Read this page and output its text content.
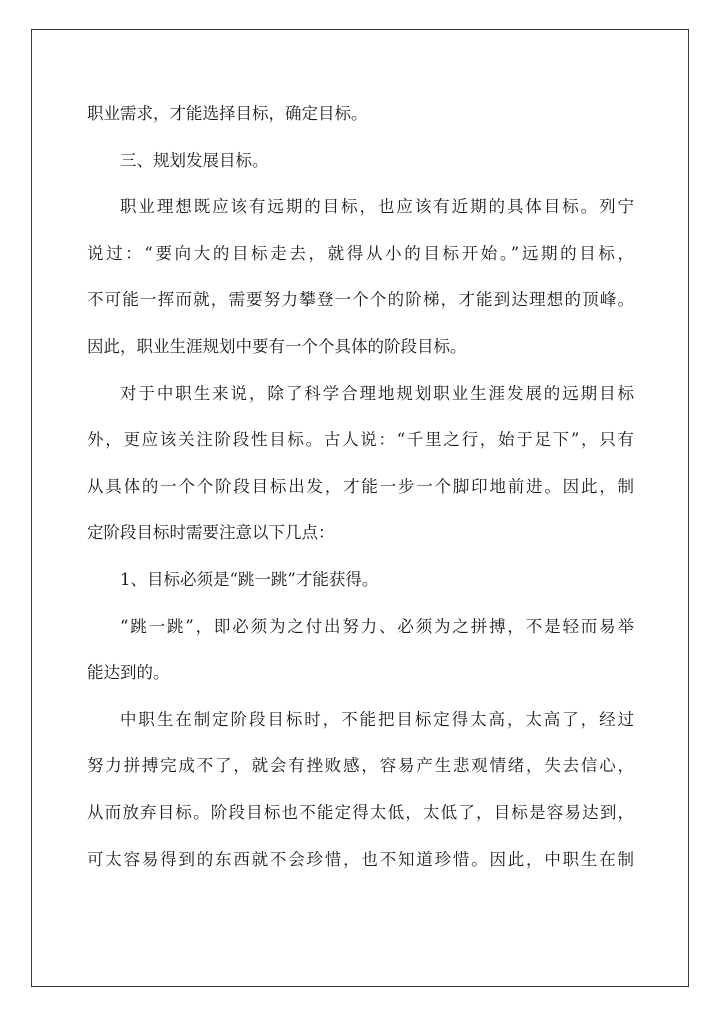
职业需求，才能选择目标，确定目标。
三、规划发展目标。
职业理想既应该有远期的目标，也应该有近期的具体目标。列宁
说过：“要向大的目标走去，就得从小的目标开始。”远期的目标，
不可能一挥而就，需要努力攀登一个个的阶梯，才能到达理想的顶峰。
因此，职业生涯规划中要有一个个具体的阶段目标。
对于中职生来说，除了科学合理地规划职业生涯发展的远期目标
外，更应该关注阶段性目标。古人说：“千里之行，始于足下”，只有
从具体的一个个阶段目标出发，才能一步一个脚印地前进。因此，制
定阶段目标时需要注意以下几点：
1、目标必须是“跳一跳”才能获得。
“跳一跳”，即必须为之付出努力、必须为之拼搏，不是轻而易举
能达到的。
中职生在制定阶段目标时，不能把目标定得太高，太高了，经过
努力拼搏完成不了，就会有挫败感，容易产生悲观情绪，失去信心，
从而放弃目标。阶段目标也不能定得太低，太低了，目标是容易达到，
可太容易得到的东西就不会珍惜，也不知道珍惜。因此，中职生在制
